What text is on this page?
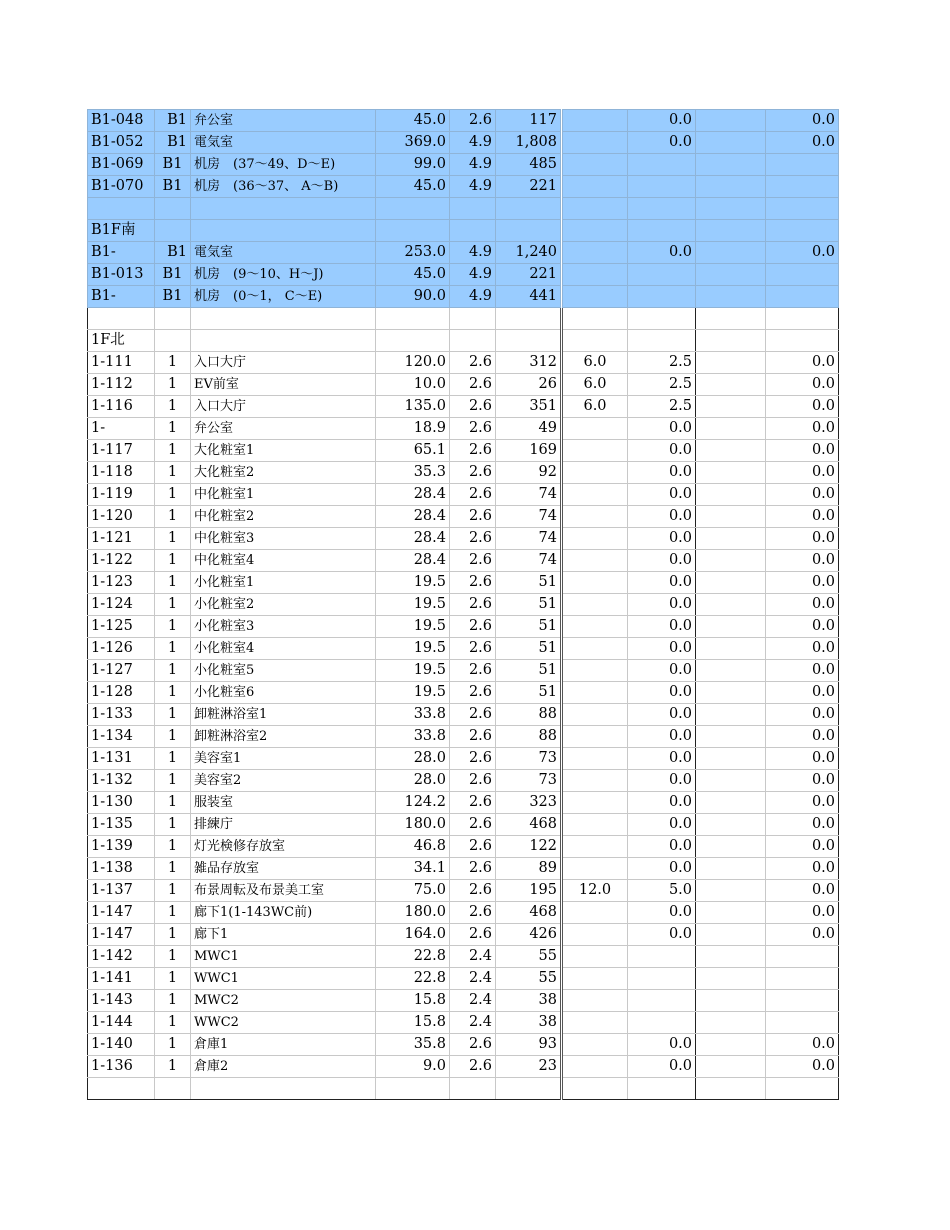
B1-048	B1	弁公室	45.0	2.6	117		0.0		0.0
B1-052	B1	電気室	369.0	4.9	1,808		0.0		0.0
B1-069	B1	机房　(37～49、D～E)	99.0	4.9	485				
B1-070	B1	机房　(36～37、 A～B)	45.0	4.9	221				

B1F南									
B1-	B1	電気室	253.0	4.9	1,240		0.0		0.0
B1-013	B1	机房　(9～10、H～J)	45.0	4.9	221				
B1-	B1	机房　(0～1， C～E)	90.0	4.9	441				

1F北									
1-111	1	入口大庁	120.0	2.6	312	6.0	2.5		0.0
1-112	1	EV前室	10.0	2.6	26	6.0	2.5		0.0
1-116	1	入口大庁	135.0	2.6	351	6.0	2.5		0.0
1-	1	弁公室	18.9	2.6	49		0.0		0.0
1-117	1	大化粧室1	65.1	2.6	169		0.0		0.0
1-118	1	大化粧室2	35.3	2.6	92		0.0		0.0
1-119	1	中化粧室1	28.4	2.6	74		0.0		0.0
1-120	1	中化粧室2	28.4	2.6	74		0.0		0.0
1-121	1	中化粧室3	28.4	2.6	74		0.0		0.0
1-122	1	中化粧室4	28.4	2.6	74		0.0		0.0
1-123	1	小化粧室1	19.5	2.6	51		0.0		0.0
1-124	1	小化粧室2	19.5	2.6	51		0.0		0.0
1-125	1	小化粧室3	19.5	2.6	51		0.0		0.0
1-126	1	小化粧室4	19.5	2.6	51		0.0		0.0
1-127	1	小化粧室5	19.5	2.6	51		0.0		0.0
1-128	1	小化粧室6	19.5	2.6	51		0.0		0.0
1-133	1	卸粧淋浴室1	33.8	2.6	88		0.0		0.0
1-134	1	卸粧淋浴室2	33.8	2.6	88		0.0		0.0
1-131	1	美容室1	28.0	2.6	73		0.0		0.0
1-132	1	美容室2	28.0	2.6	73		0.0		0.0
1-130	1	服装室	124.2	2.6	323		0.0		0.0
1-135	1	排練庁	180.0	2.6	468		0.0		0.0
1-139	1	灯光検修存放室	46.8	2.6	122		0.0		0.0
1-138	1	雑品存放室	34.1	2.6	89		0.0		0.0
1-137	1	布景周転及布景美工室	75.0	2.6	195	12.0	5.0		0.0
1-147	1	廊下1(1-143WC前)	180.0	2.6	468		0.0		0.0
1-147	1	廊下1	164.0	2.6	426		0.0		0.0
1-142	1	MWC1	22.8	2.4	55				
1-141	1	WWC1	22.8	2.4	55				
1-143	1	MWC2	15.8	2.4	38				
1-144	1	WWC2	15.8	2.4	38				
1-140	1	倉庫1	35.8	2.6	93		0.0		0.0
1-136	1	倉庫2	9.0	2.6	23		0.0		0.0
